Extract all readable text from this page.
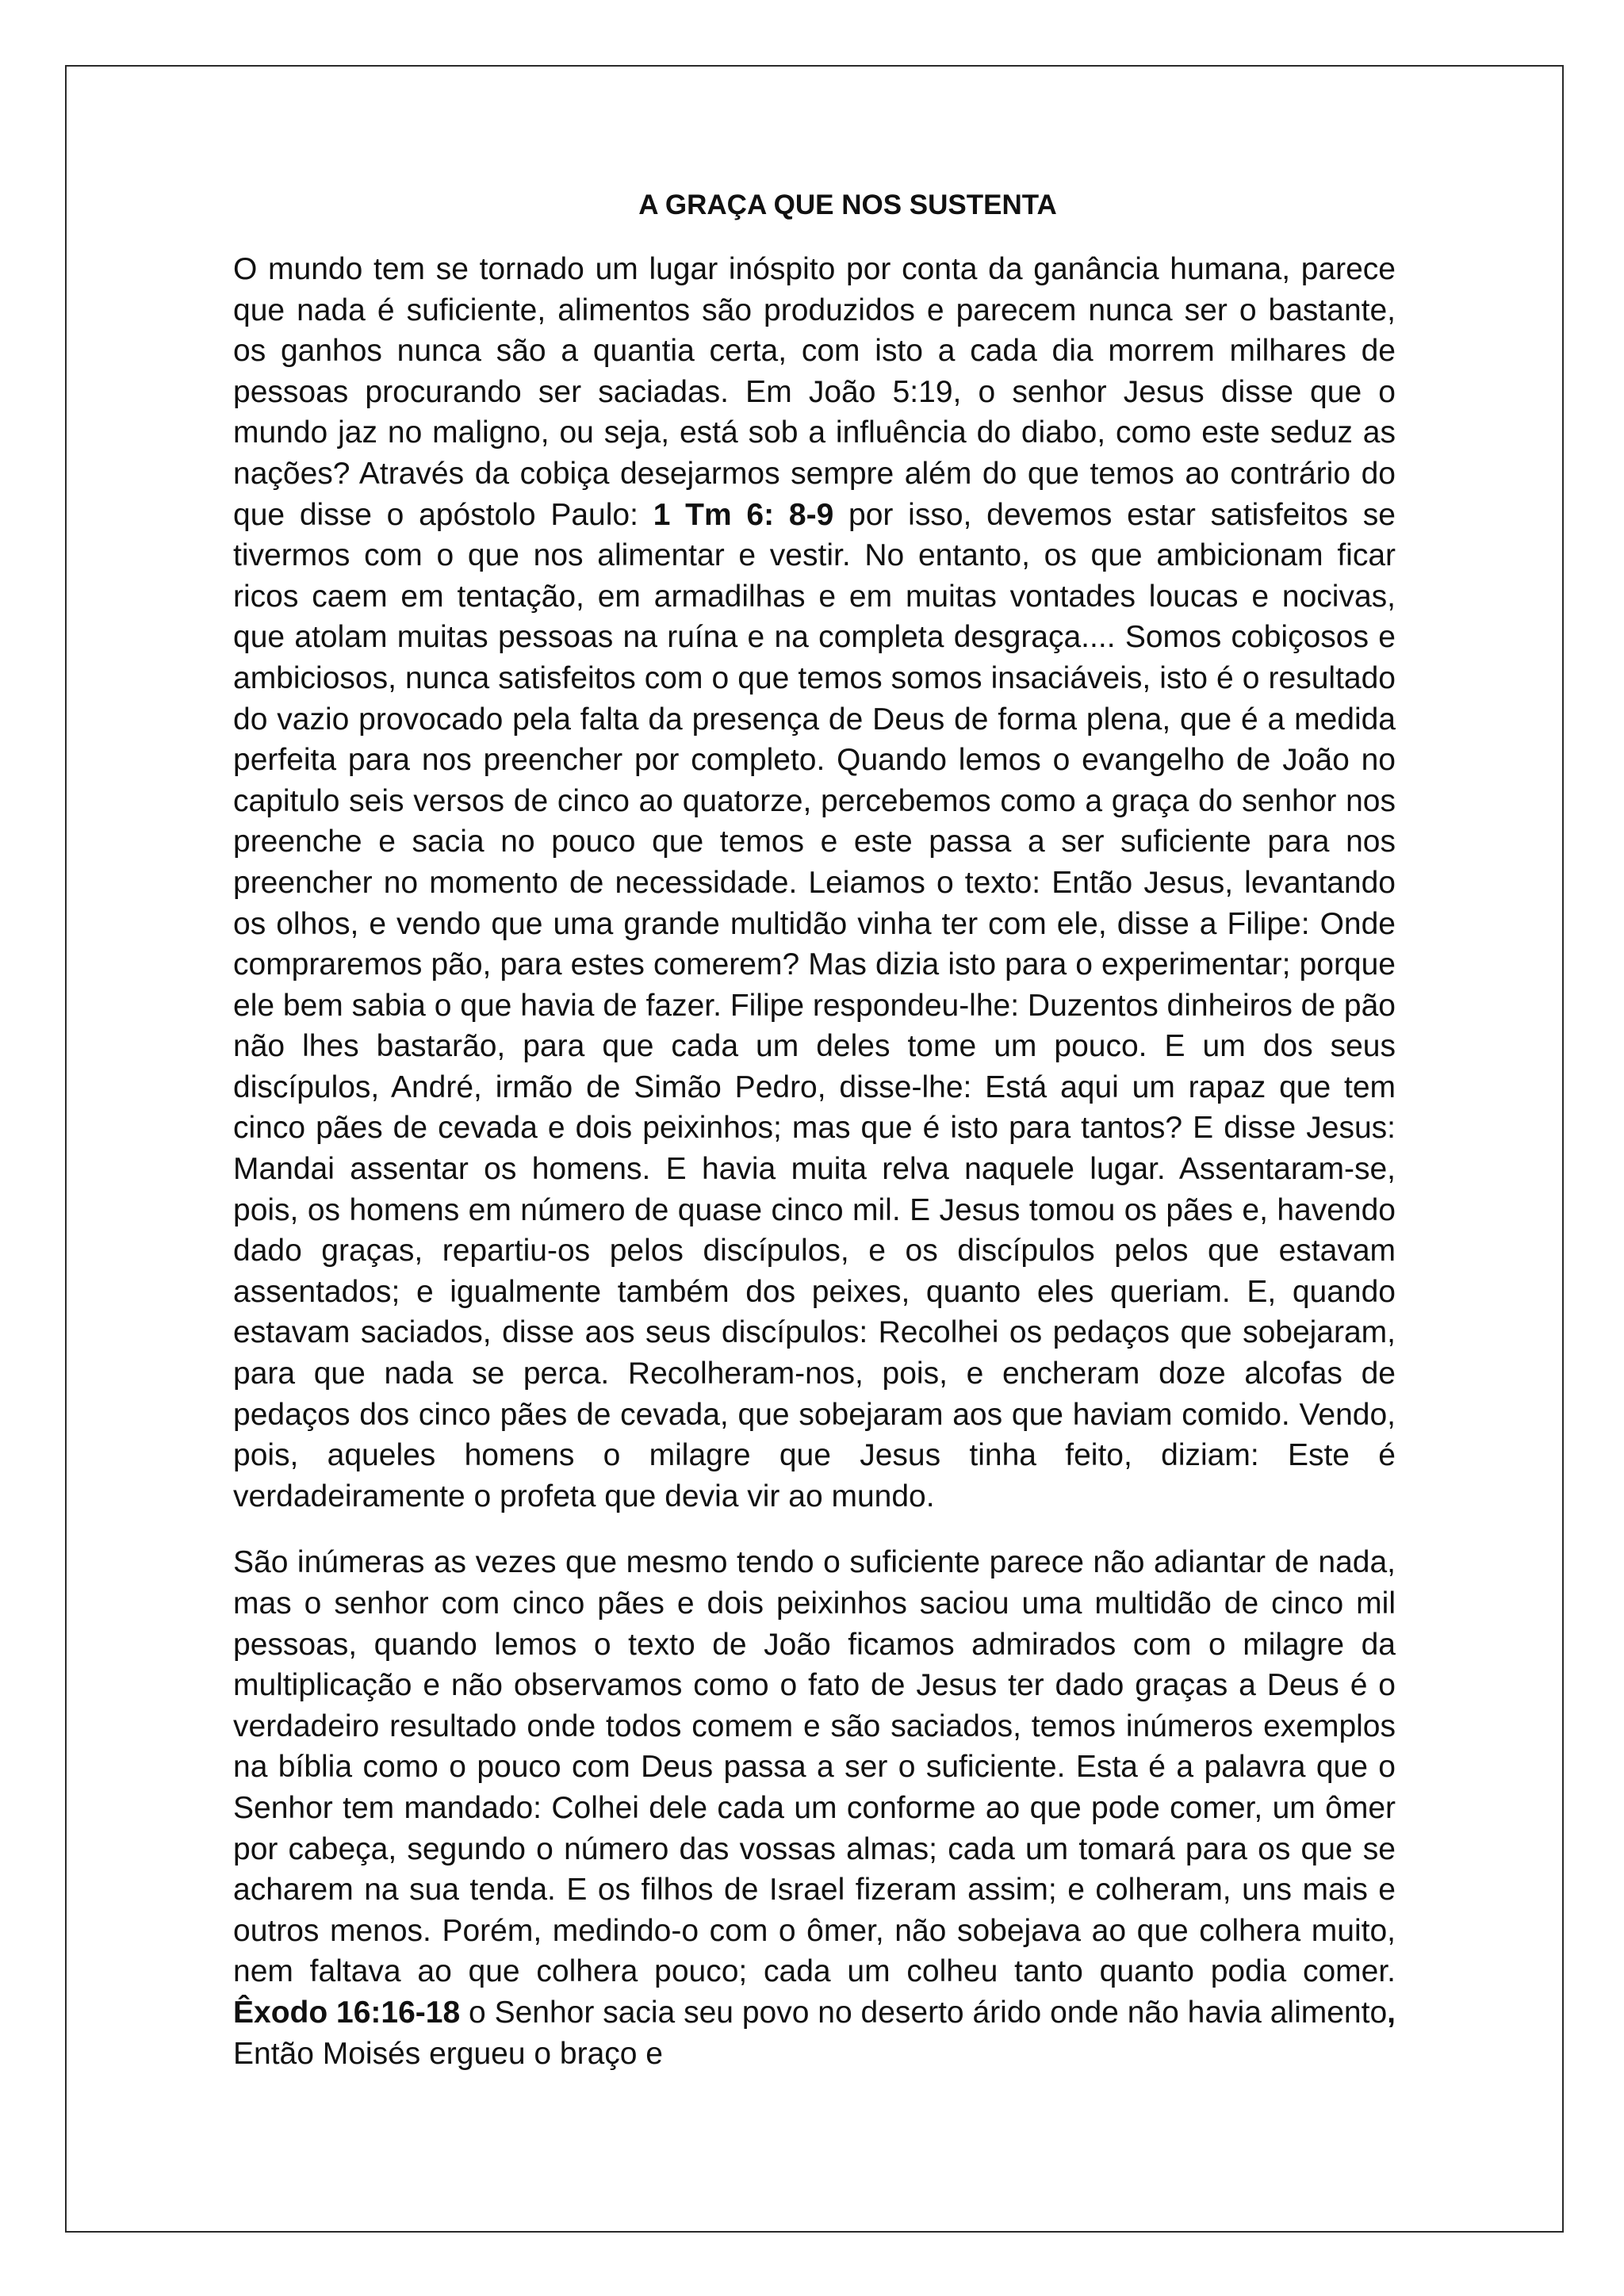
A GRAÇA QUE NOS SUSTENTA

O mundo tem se tornado um lugar inóspito por conta da ganância humana, parece que nada é suficiente, alimentos são produzidos e parecem nunca ser o bastante, os ganhos nunca são a quantia certa, com isto a cada dia morrem milhares de pessoas procurando ser saciadas. Em João 5:19, o senhor Jesus disse que o mundo jaz no maligno, ou seja, está sob a influência do diabo, como este seduz as nações? Através da cobiça desejarmos sempre além do que temos ao contrário do que disse o apóstolo Paulo: 1 Tm 6: 8-9 por isso, devemos estar satisfeitos se tivermos com o que nos alimentar e vestir. No entanto, os que ambicionam ficar ricos caem em tentação, em armadilhas e em muitas vontades loucas e nocivas, que atolam muitas pessoas na ruína e na completa desgraça.... Somos cobiçosos e ambiciosos, nunca satisfeitos com o que temos somos insaciáveis, isto é o resultado do vazio provocado pela falta da presença de Deus de forma plena, que é a medida perfeita para nos preencher por completo. Quando lemos o evangelho de João no capitulo seis versos de cinco ao quatorze, percebemos como a graça do senhor nos preenche e sacia no pouco que temos e este passa a ser suficiente para nos preencher no momento de necessidade. Leiamos o texto: Então Jesus, levantando os olhos, e vendo que uma grande multidão vinha ter com ele, disse a Filipe: Onde compraremos pão, para estes comerem? Mas dizia isto para o experimentar; porque ele bem sabia o que havia de fazer. Filipe respondeu-lhe: Duzentos dinheiros de pão não lhes bastarão, para que cada um deles tome um pouco. E um dos seus discípulos, André, irmão de Simão Pedro, disse-lhe: Está aqui um rapaz que tem cinco pães de cevada e dois peixinhos; mas que é isto para tantos? E disse Jesus: Mandai assentar os homens. E havia muita relva naquele lugar. Assentaram-se, pois, os homens em número de quase cinco mil. E Jesus tomou os pães e, havendo dado graças, repartiu-os pelos discípulos, e os discípulos pelos que estavam assentados; e igualmente também dos peixes, quanto eles queriam. E, quando estavam saciados, disse aos seus discípulos: Recolhei os pedaços que sobejaram, para que nada se perca. Recolheram-nos, pois, e encheram doze alcofas de pedaços dos cinco pães de cevada, que sobejaram aos que haviam comido. Vendo, pois, aqueles homens o milagre que Jesus tinha feito, diziam: Este é verdadeiramente o profeta que devia vir ao mundo.

São inúmeras as vezes que mesmo tendo o suficiente parece não adiantar de nada, mas o senhor com cinco pães e dois peixinhos saciou uma multidão de cinco mil pessoas, quando lemos o texto de João ficamos admirados com o milagre da multiplicação e não observamos como o fato de Jesus ter dado graças a Deus é o verdadeiro resultado onde todos comem e são saciados, temos inúmeros exemplos na bíblia como o pouco com Deus passa a ser o suficiente. Esta é a palavra que o Senhor tem mandado: Colhei dele cada um conforme ao que pode comer, um ômer por cabeça, segundo o número das vossas almas; cada um tomará para os que se acharem na sua tenda. E os filhos de Israel fizeram assim; e colheram, uns mais e outros menos. Porém, medindo-o com o ômer, não sobejava ao que colhera muito, nem faltava ao que colhera pouco; cada um colheu tanto quanto podia comer. Êxodo 16:16-18 o Senhor sacia seu povo no deserto árido onde não havia alimento, Então Moisés ergueu o braço e
